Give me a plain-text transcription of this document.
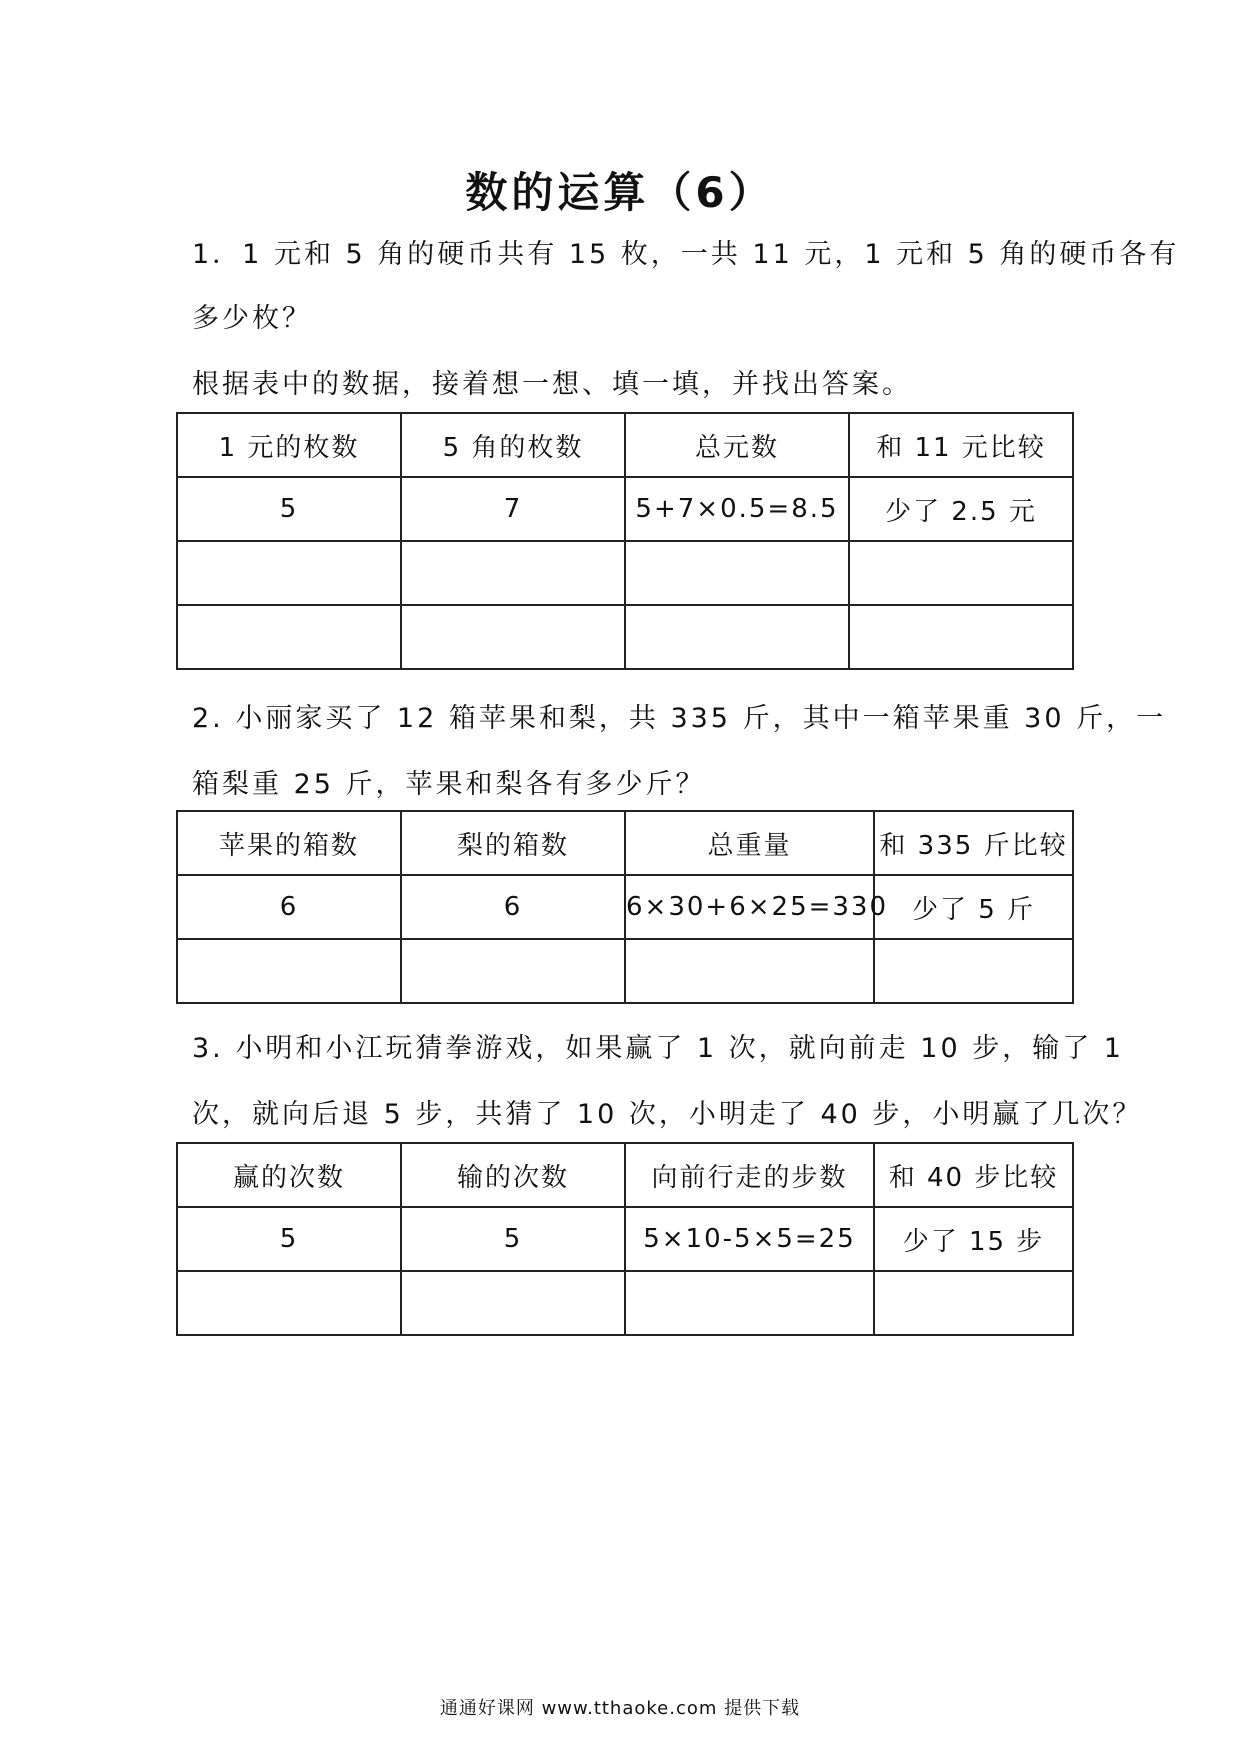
数的运算（6）
1．1 元和 5 角的硬币共有 15 枚，一共 11 元，1 元和 5 角的硬币各有
多少枚？
根据表中的数据，接着想一想、填一填，并找出答案。
1 元的枚数	5 角的枚数	总元数	和 11 元比较
5	7	5+7×0.5=8.5	少了 2.5 元

2. 小丽家买了 12 箱苹果和梨，共 335 斤，其中一箱苹果重 30 斤，一
箱梨重 25 斤，苹果和梨各有多少斤？
苹果的箱数	梨的箱数	总重量	和 335 斤比较
6	6	6×30+6×25=330	少了 5 斤

3. 小明和小江玩猜拳游戏，如果赢了 1 次，就向前走 10 步，输了 1
次，就向后退 5 步，共猜了 10 次，小明走了 40 步，小明赢了几次？
赢的次数	输的次数	向前行走的步数	和 40 步比较
5	5	5×10-5×5=25	少了 15 步

通通好课网 www.tthaoke.com 提供下载
